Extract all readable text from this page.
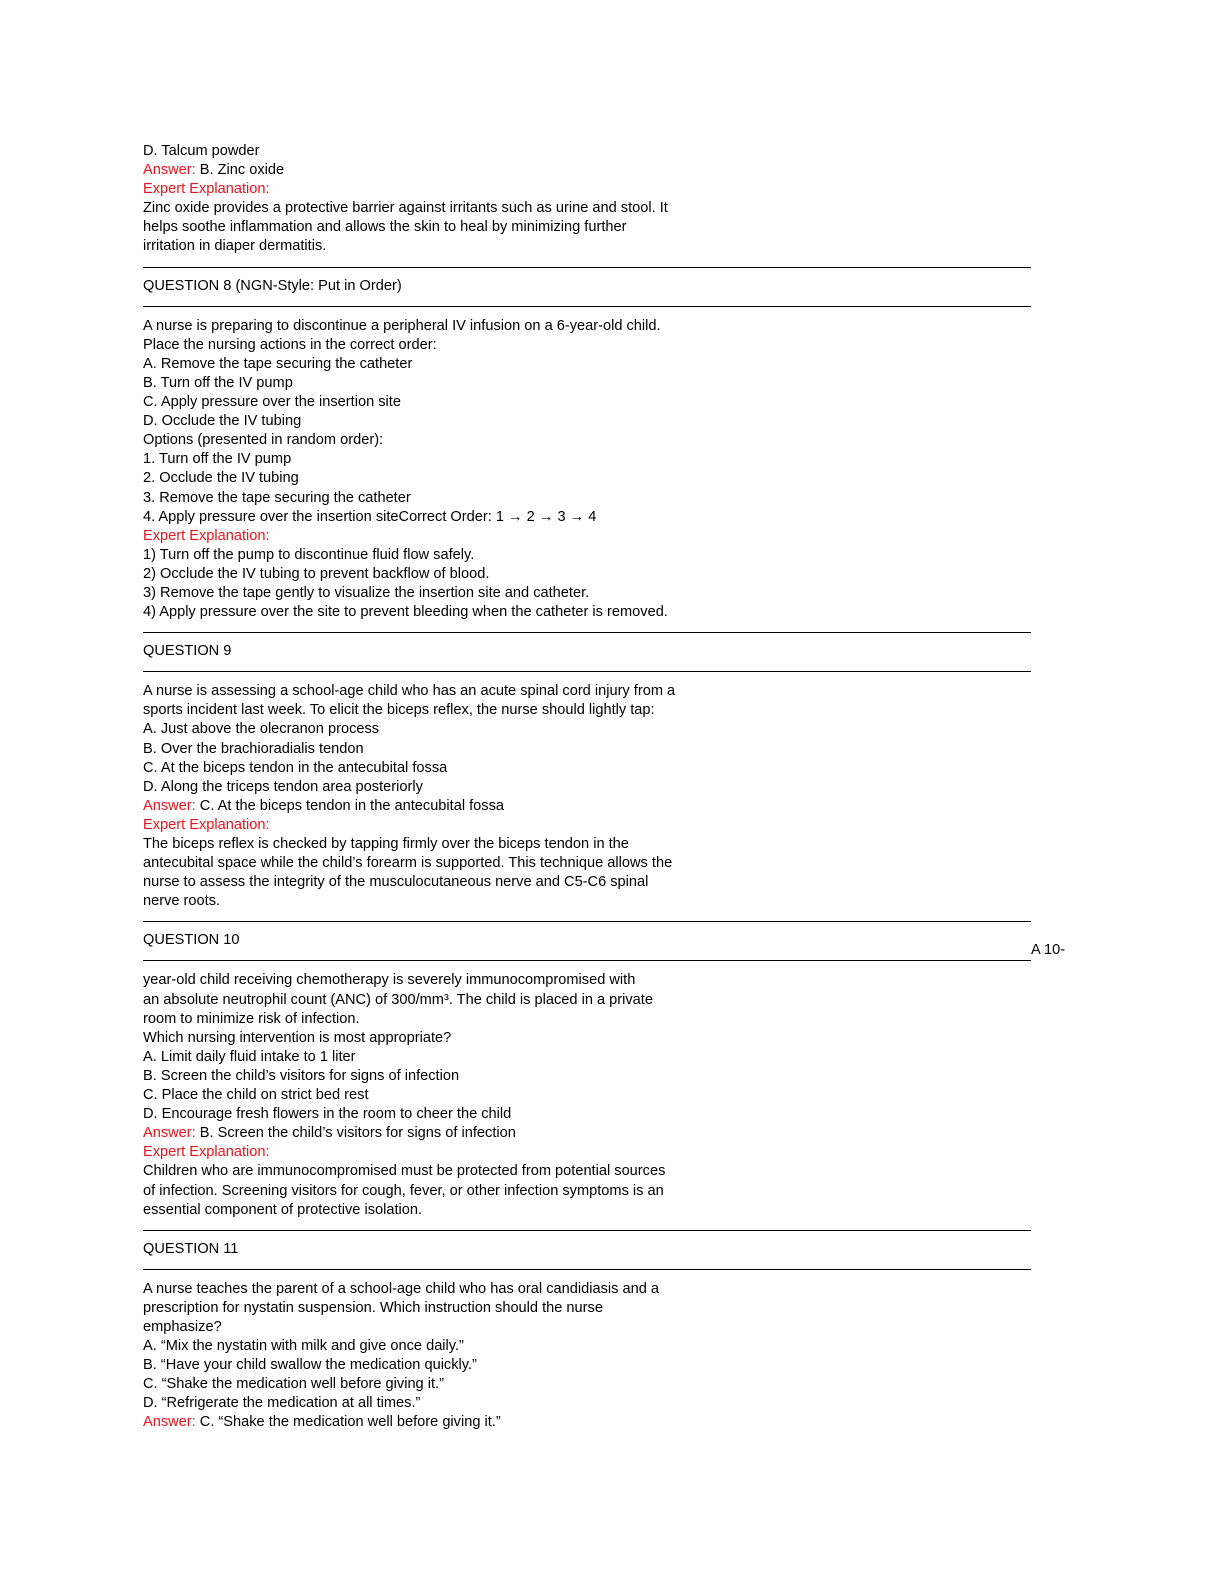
D. Talcum powder
Answer: B. Zinc oxide
Expert Explanation:
Zinc oxide provides a protective barrier against irritants such as urine and stool. It
helps soothe inflammation and allows the skin to heal by minimizing further
irritation in diaper dermatitis.
QUESTION 8 (NGN-Style: Put in Order)
A nurse is preparing to discontinue a peripheral IV infusion on a 6-year-old child.
Place the nursing actions in the correct order:
A. Remove the tape securing the catheter
B. Turn off the IV pump
C. Apply pressure over the insertion site
D. Occlude the IV tubing
Options (presented in random order):
1. Turn off the IV pump
2. Occlude the IV tubing
3. Remove the tape securing the catheter
4. Apply pressure over the insertion siteCorrect Order: 1 → 2 → 3 → 4
Expert Explanation:
1) Turn off the pump to discontinue fluid flow safely.
2) Occlude the IV tubing to prevent backflow of blood.
3) Remove the tape gently to visualize the insertion site and catheter.
4) Apply pressure over the site to prevent bleeding when the catheter is removed.
QUESTION 9
A nurse is assessing a school-age child who has an acute spinal cord injury from a
sports incident last week. To elicit the biceps reflex, the nurse should lightly tap:
A. Just above the olecranon process
B. Over the brachioradialis tendon
C. At the biceps tendon in the antecubital fossa
D. Along the triceps tendon area posteriorly
Answer: C. At the biceps tendon in the antecubital fossa
Expert Explanation:
The biceps reflex is checked by tapping firmly over the biceps tendon in the
antecubital space while the child’s forearm is supported. This technique allows the
nurse to assess the integrity of the musculocutaneous nerve and C5-C6 spinal
nerve roots.
QUESTION 10
year-old child receiving chemotherapy is severely immunocompromised with
an absolute neutrophil count (ANC) of 300/mm³. The child is placed in a private
room to minimize risk of infection.
Which nursing intervention is most appropriate?
A. Limit daily fluid intake to 1 liter
B. Screen the child’s visitors for signs of infection
C. Place the child on strict bed rest
D. Encourage fresh flowers in the room to cheer the child
Answer: B. Screen the child’s visitors for signs of infection
Expert Explanation:
Children who are immunocompromised must be protected from potential sources
of infection. Screening visitors for cough, fever, or other infection symptoms is an
essential component of protective isolation.
QUESTION 11
A nurse teaches the parent of a school-age child who has oral candidiasis and a
prescription for nystatin suspension. Which instruction should the nurse
emphasize?
A. “Mix the nystatin with milk and give once daily.”
B. “Have your child swallow the medication quickly.”
C. “Shake the medication well before giving it.”
D. “Refrigerate the medication at all times.”
Answer: C. “Shake the medication well before giving it.”
A 10-
